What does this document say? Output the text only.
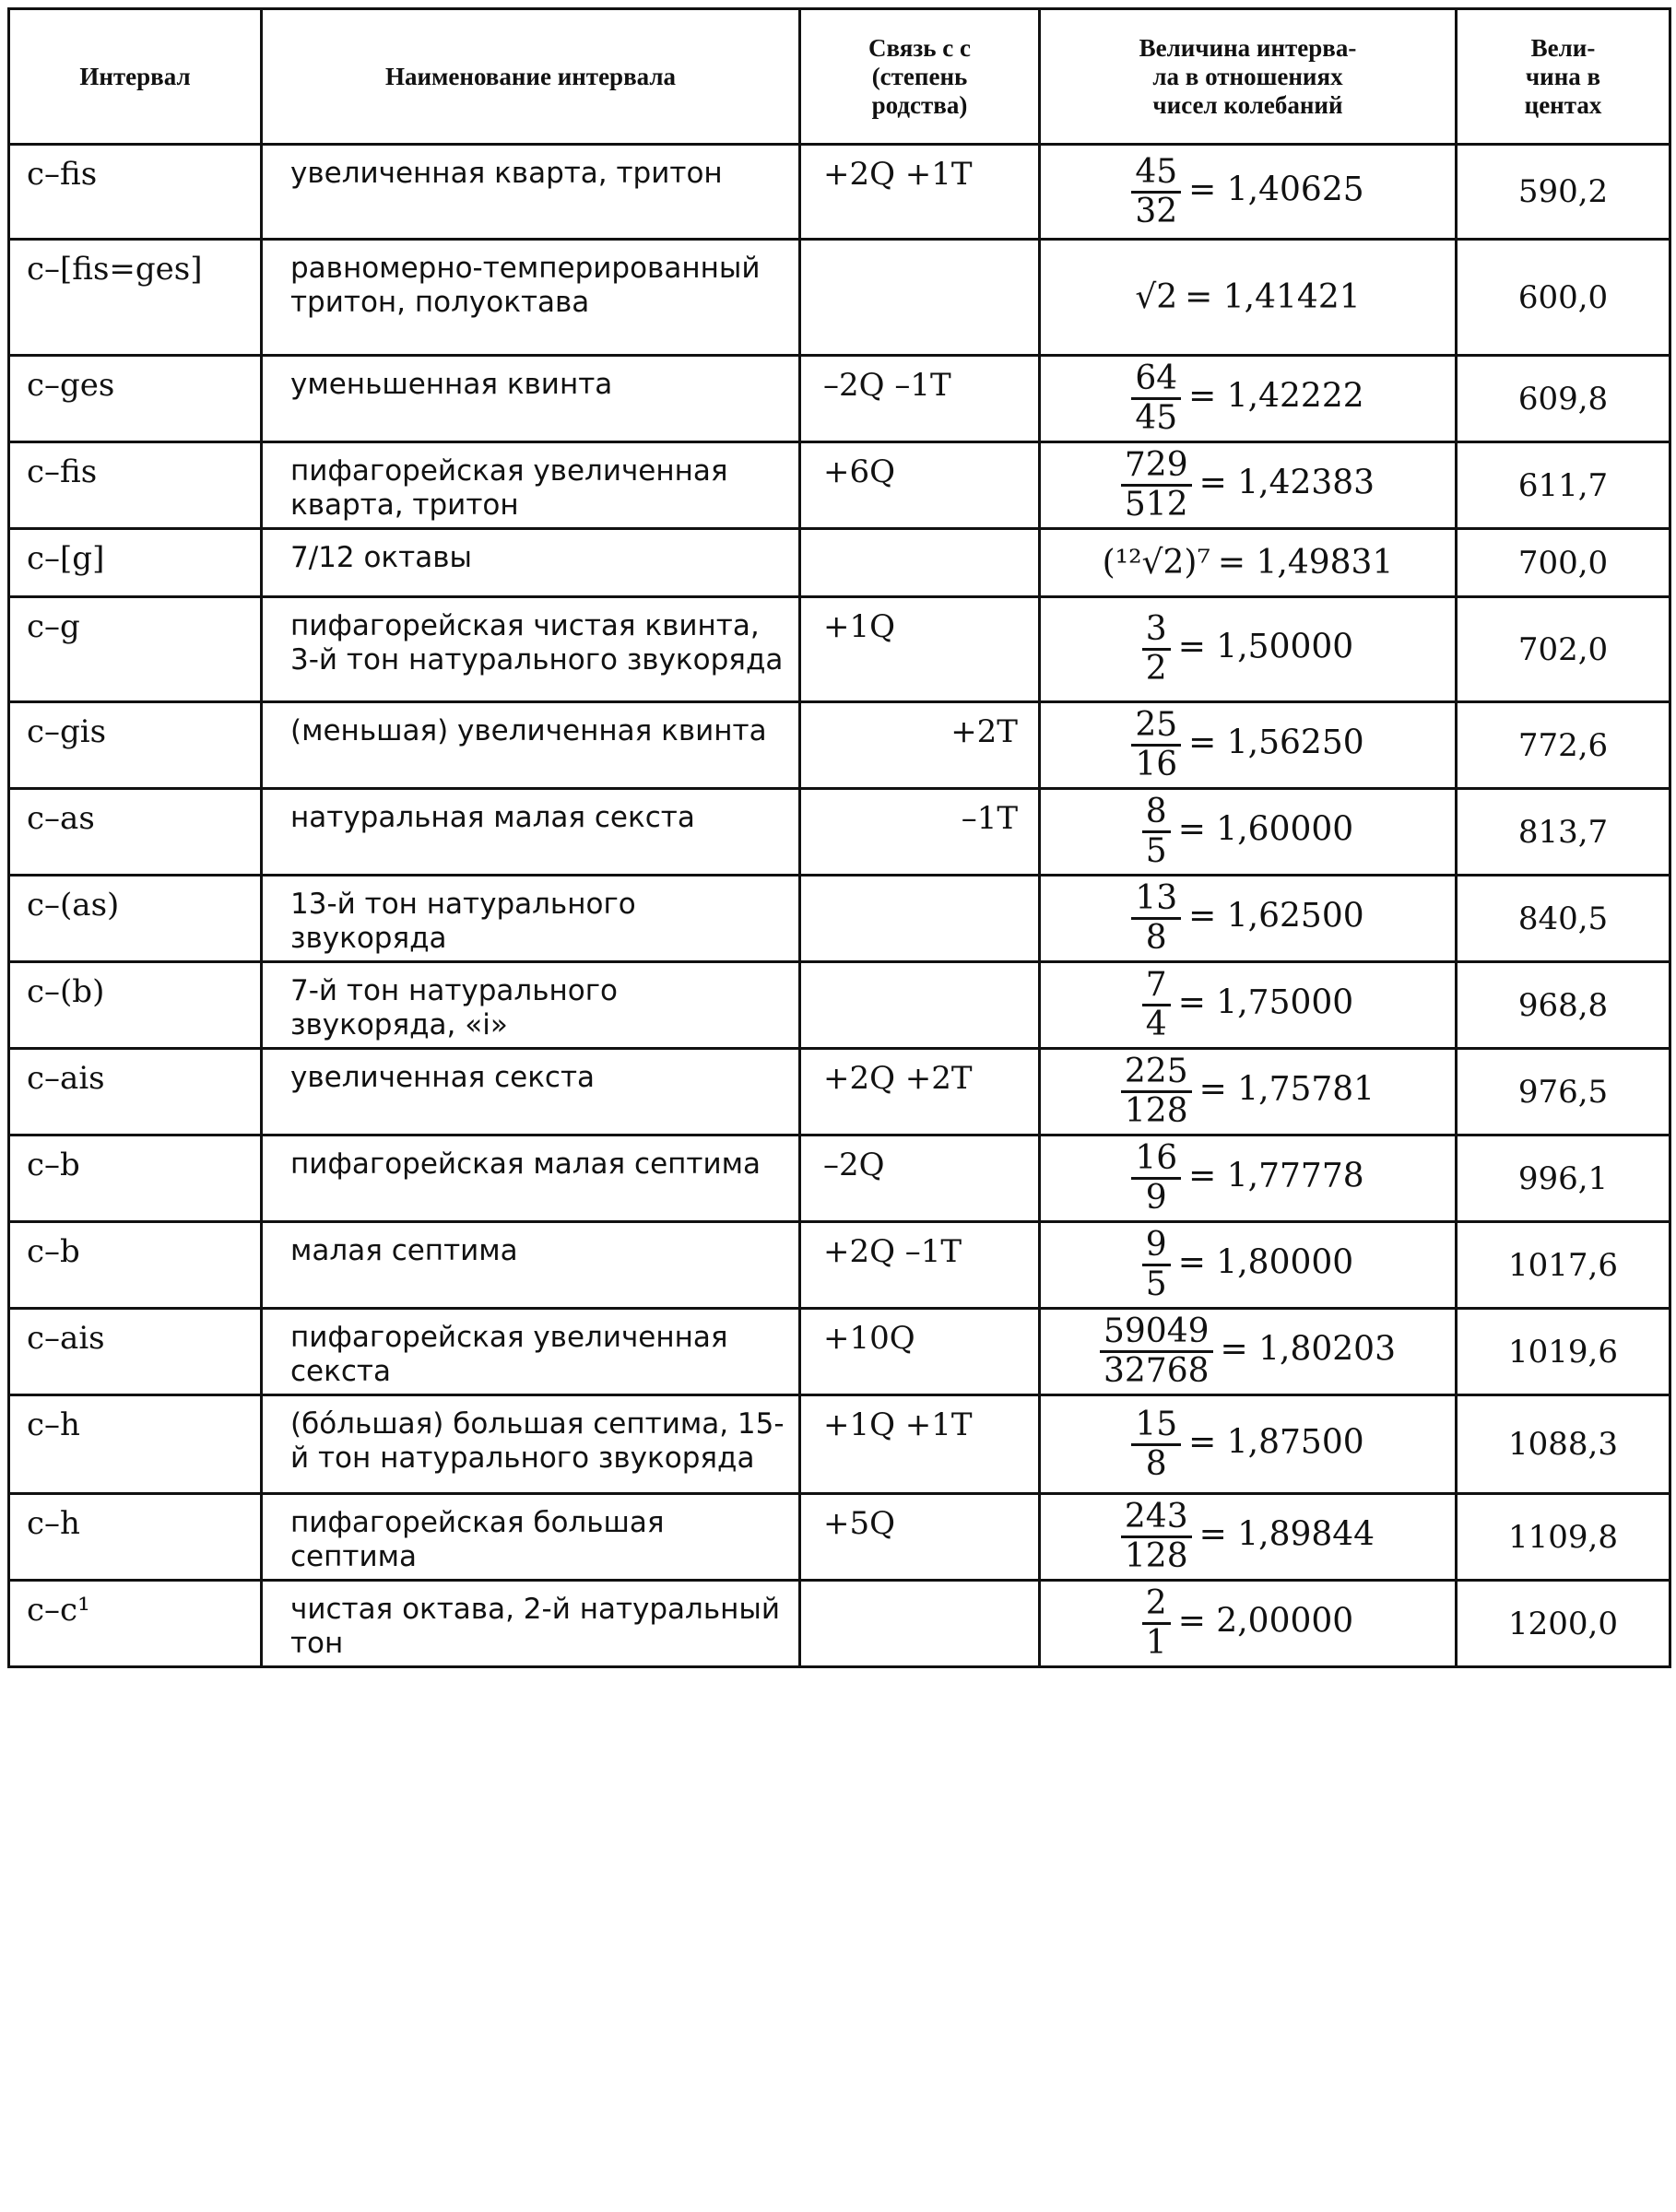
Интервал	Наименование интервала	Связь с с
(степень
родства)	Величина интерва-
ла в отношениях
чисел колебаний	Вели-
чина в
центах

c–fis	увеличенная кварта, тритон	+2Q +1T	$\frac{45}{32} = 1,40625$	590,2
c–[fis=ges]	равномерно-темперированный тритон, полуоктава		√2 = 1,41421	600,0
c–ges	уменьшенная квинта	–2Q –1T	$\frac{64}{45} = 1,42222$	609,8
c–fis	пифагорейская увеличенная кварта, тритон	+6Q	$\frac{729}{512} = 1,42383$	611,7
c–[g]	7/12 октавы		(¹²√2)⁷ = 1,49831	700,0
c–g	пифагорейская чистая квинта, 3-й тон натурального звукоряда	+1Q	$\frac{3}{2} = 1,50000$	702,0
c–gis	(меньшая) увеличенная квинта	+2T	$\frac{25}{16} = 1,56250$	772,6
c–as	натуральная малая секста	–1T	$\frac{8}{5} = 1,60000$	813,7
c–(as)	13-й тон натурального звукоряда		$\frac{13}{8} = 1,62500$	840,5
c–(b)	7-й тон натурального звукоряда, «i»		$\frac{7}{4} = 1,75000$	968,8
c–ais	увеличенная секста	+2Q +2T	$\frac{225}{128} = 1,75781$	976,5
c–b	пифагорейская малая септима	–2Q	$\frac{16}{9} = 1,77778$	996,1
c–b	малая септима	+2Q –1T	$\frac{9}{5} = 1,80000$	1017,6
c–ais	пифагорейская увеличенная секста	+10Q	$\frac{59049}{32768} = 1,80203$	1019,6
c–h	(бóльшая) большая септима, 15-й тон натурального звукоряда	+1Q +1T	$\frac{15}{8} = 1,87500$	1088,3
c–h	пифагорейская большая септима	+5Q	$\frac{243}{128} = 1,89844$	1109,8
c–c¹	чистая октава, 2-й натуральный тон		$\frac{2}{1} = 2,00000$	1200,0
